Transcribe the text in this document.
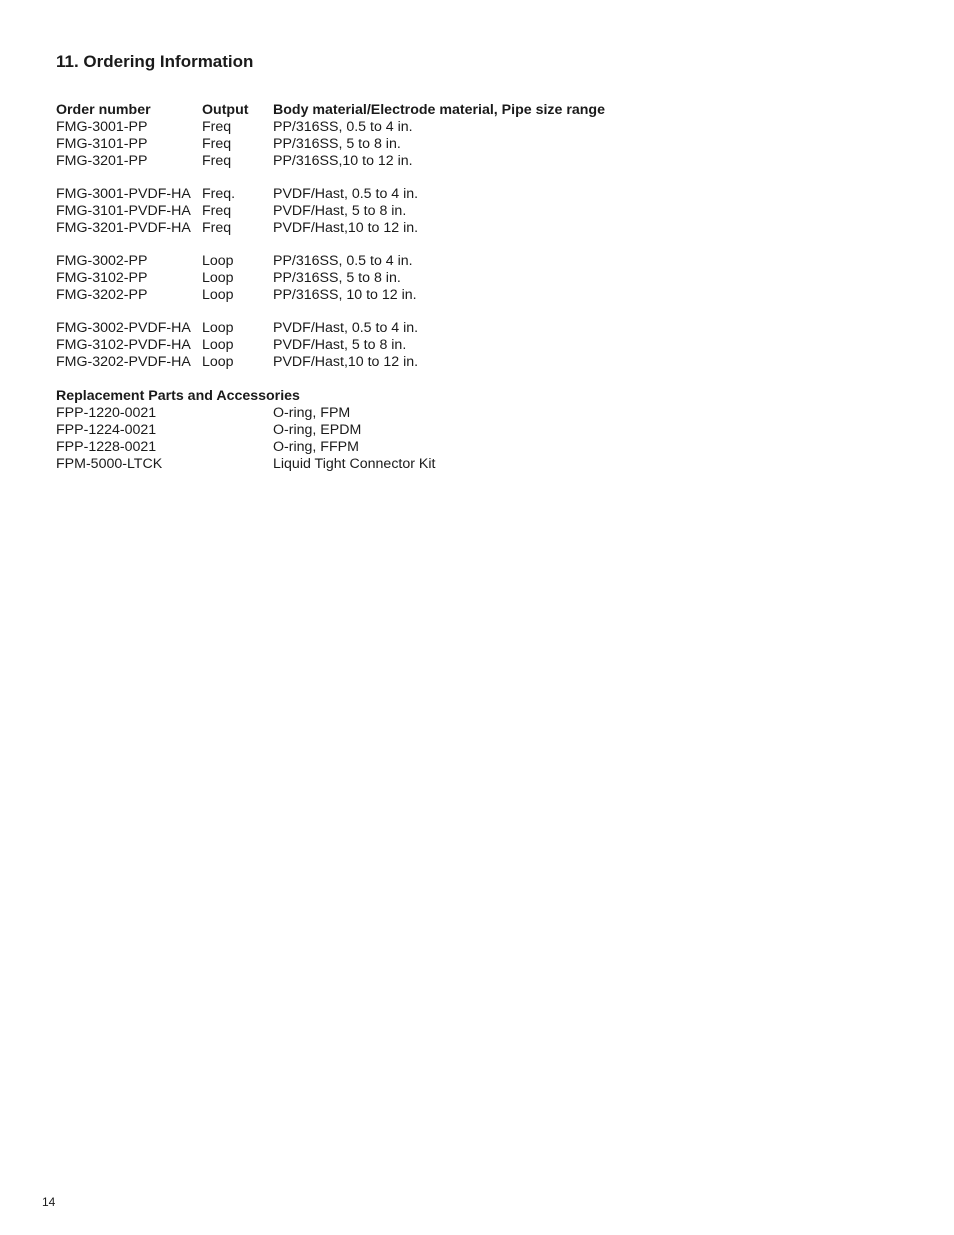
11. Ordering Information
Order number	Output	Body material/Electrode material, Pipe size range
FMG-3001-PP	Freq	PP/316SS, 0.5 to 4 in.
FMG-3101-PP	Freq	PP/316SS, 5 to 8 in.
FMG-3201-PP	Freq	PP/316SS,10 to 12 in.
FMG-3001-PVDF-HA Freq.	PVDF/Hast, 0.5 to 4 in.
FMG-3101-PVDF-HA Freq	PVDF/Hast, 5 to 8 in.
FMG-3201-PVDF-HA Freq	PVDF/Hast,10 to 12 in.
FMG-3002-PP	Loop	PP/316SS, 0.5 to 4 in.
FMG-3102-PP	Loop	PP/316SS, 5 to 8 in.
FMG-3202-PP	Loop	PP/316SS, 10 to 12 in.
FMG-3002-PVDF-HA Loop	PVDF/Hast, 0.5 to 4 in.
FMG-3102-PVDF-HA Loop	PVDF/Hast, 5 to 8 in.
FMG-3202-PVDF-HA Loop	PVDF/Hast,10 to 12 in.
Replacement Parts and Accessories
FPP-1220-0021	O-ring, FPM
FPP-1224-0021	O-ring, EPDM
FPP-1228-0021	O-ring, FFPM
FPM-5000-LTCK	Liquid Tight Connector Kit
14
